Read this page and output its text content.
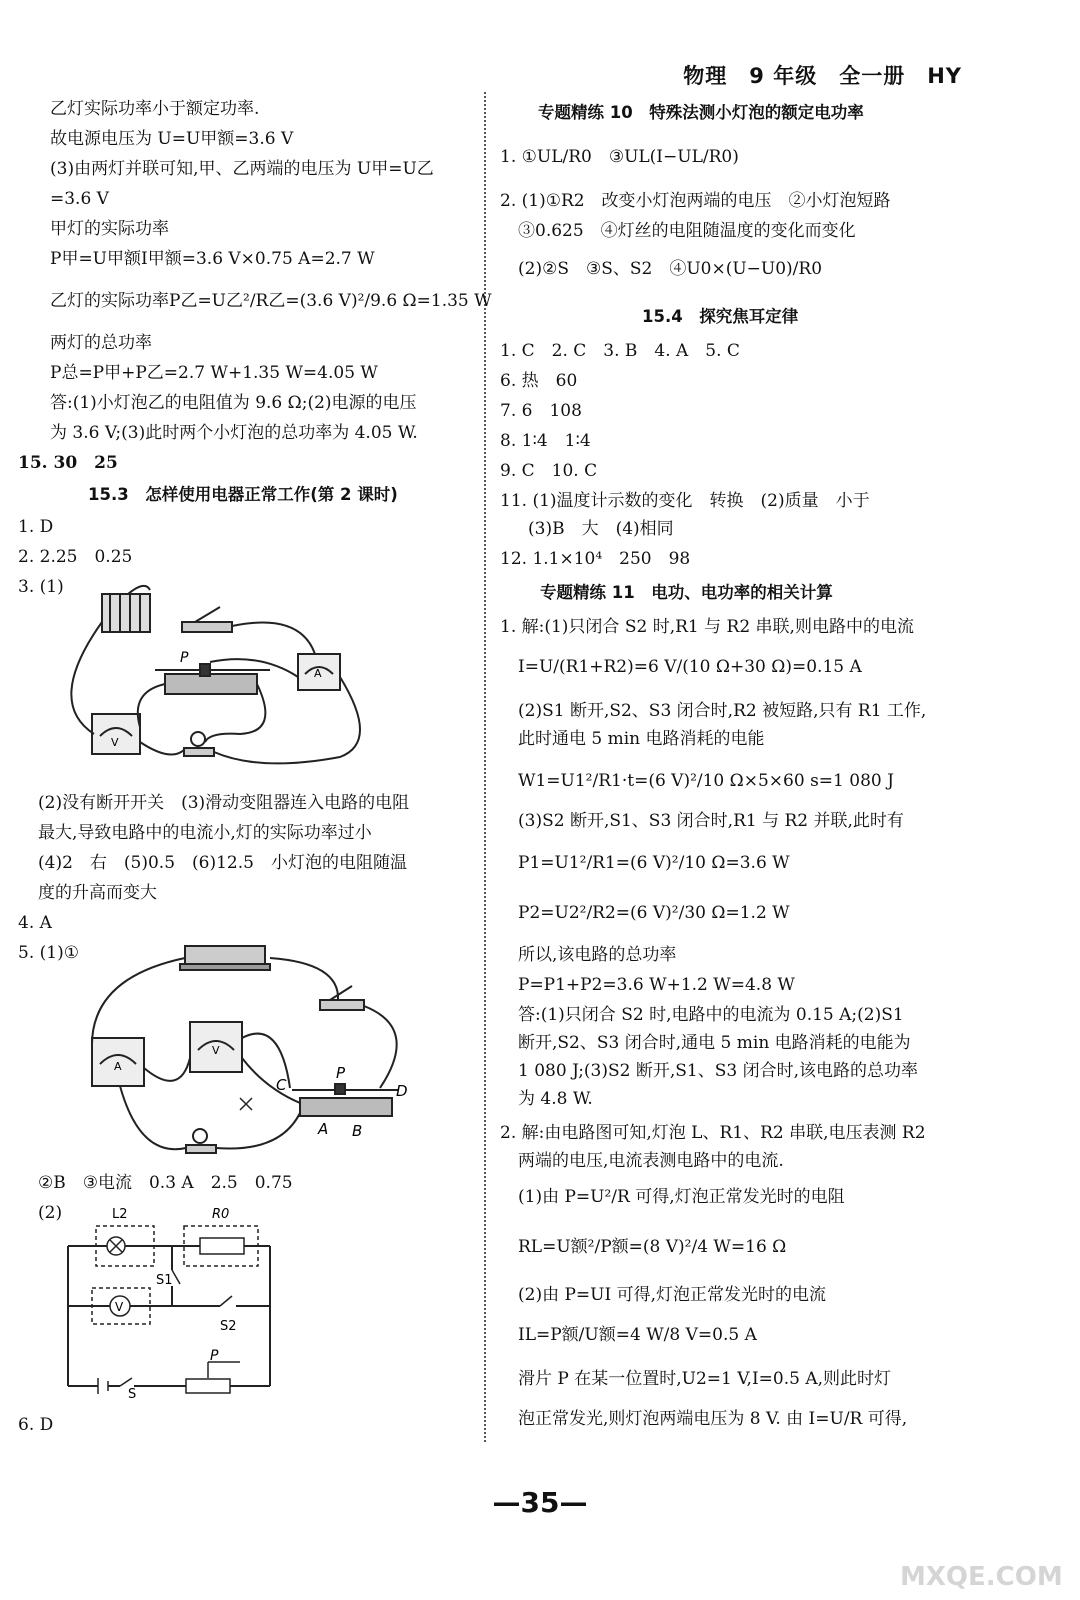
物理　9 年级　全一册　HY
乙灯实际功率小于额定功率.
故电源电压为 U=U甲额=3.6 V
(3)由两灯并联可知,甲、乙两端的电压为 U甲=U乙
=3.6 V
甲灯的实际功率
P甲=U甲额I甲额=3.6 V×0.75 A=2.7 W
乙灯的实际功率P乙=U乙²/R乙=(3.6 V)²/9.6 Ω=1.35 W
两灯的总功率
P总=P甲+P乙=2.7 W+1.35 W=4.05 W
答:(1)小灯泡乙的电阻值为 9.6 Ω;(2)电源的电压
为 3.6 V;(3)此时两个小灯泡的总功率为 4.05 W.
15. 30　25
15.3　怎样使用电器正常工作(第 2 课时)
1. D
2. 2.25　0.25
3. (1)
P
A
V
(2)没有断开开关　(3)滑动变阻器连入电路的电阻
最大,导致电路中的电流小,灯的实际功率过小
(4)2　右　(5)0.5　(6)12.5　小灯泡的电阻随温
度的升高而变大
4. A
5. (1)①
C
P
D
A B
A
V
②B　③电流　0.3 A　2.5　0.75
(2)	L2	R0
S1
S2
V
P
S
6. D
专题精练 10　特殊法测小灯泡的额定电功率
1. ①UL/R0　③UL(I−UL/R0)
2. (1)①R2　改变小灯泡两端的电压　②小灯泡短路
③0.625　④灯丝的电阻随温度的变化而变化
(2)②S　③S、S2　④U0×(U−U0)/R0
15.4　探究焦耳定律
1. C　2. C　3. B　4. A　5. C
6. 热　60
7. 6　108
8. 1∶4　1∶4
9. C　10. C
11. (1)温度计示数的变化　转换　(2)质量　小于
(3)B　大　(4)相同
12. 1.1×10⁴　250　98
专题精练 11　电功、电功率的相关计算
1. 解:(1)只闭合 S2 时,R1 与 R2 串联,则电路中的电流
I=U/(R1+R2)=6 V/(10 Ω+30 Ω)=0.15 A
(2)S1 断开,S2、S3 闭合时,R2 被短路,只有 R1 工作,
此时通电 5 min 电路消耗的电能
W1=U1²/R1·t=(6 V)²/10 Ω×5×60 s=1 080 J
(3)S2 断开,S1、S3 闭合时,R1 与 R2 并联,此时有
P1=U1²/R1=(6 V)²/10 Ω=3.6 W
P2=U2²/R2=(6 V)²/30 Ω=1.2 W
所以,该电路的总功率
P=P1+P2=3.6 W+1.2 W=4.8 W
答:(1)只闭合 S2 时,电路中的电流为 0.15 A;(2)S1
断开,S2、S3 闭合时,通电 5 min 电路消耗的电能为
1 080 J;(3)S2 断开,S1、S3 闭合时,该电路的总功率
为 4.8 W.
2. 解:由电路图可知,灯泡 L、R1、R2 串联,电压表测 R2
两端的电压,电流表测电路中的电流.
(1)由 P=U²/R 可得,灯泡正常发光时的电阻
RL=U额²/P额=(8 V)²/4 W=16 Ω
(2)由 P=UI 可得,灯泡正常发光时的电流
IL=P额/U额=4 W/8 V=0.5 A
滑片 P 在某一位置时,U2=1 V,I=0.5 A,则此时灯
泡正常发光,则灯泡两端电压为 8 V. 由 I=U/R 可得,
—35—
MXQE.COM
